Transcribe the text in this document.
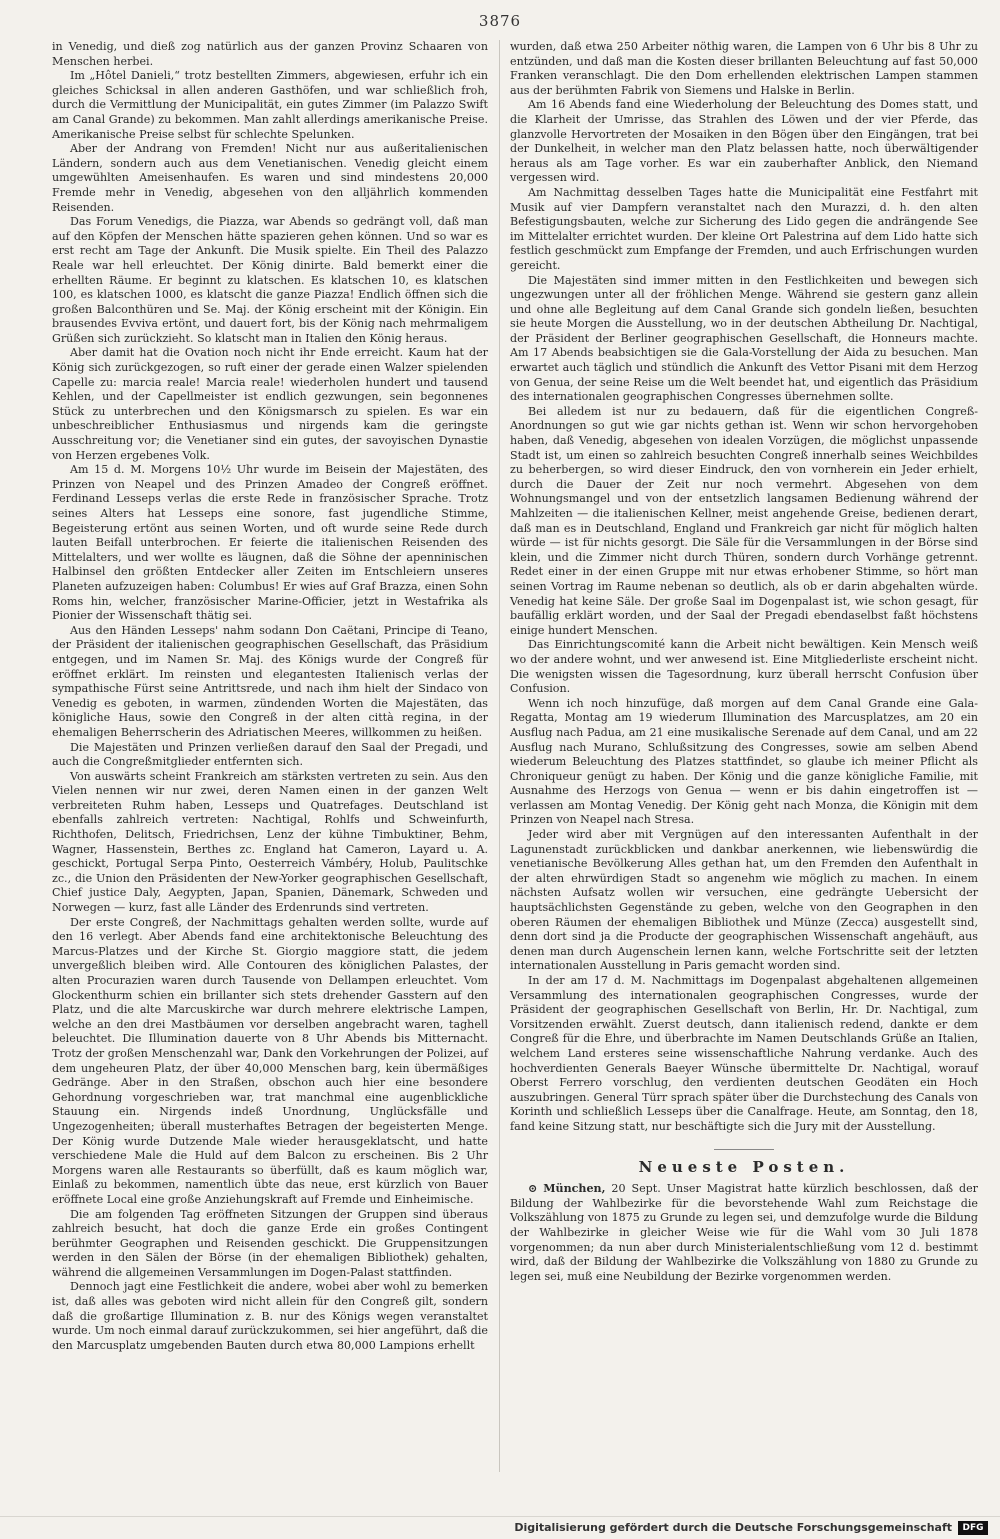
3876

in Venedig, und dieß zog natürlich aus der ganzen Provinz Schaaren von Menschen herbei.

Im „Hôtel Danieli,“ trotz bestellten Zimmers, abgewiesen, erfuhr ich ein gleiches Schicksal in allen anderen Gasthöfen, und war schließlich froh, durch die Vermittlung der Municipalität, ein gutes Zimmer (im Palazzo Swift am Canal Grande) zu bekommen. Man zahlt allerdings amerikanische Preise. Amerikanische Preise selbst für schlechte Spelunken.

Aber der Andrang von Fremden! Nicht nur aus außeritalienischen Ländern, sondern auch aus dem Venetianischen. Venedig gleicht einem umgewühlten Ameisenhaufen. Es waren und sind mindestens 20,000 Fremde mehr in Venedig, abgesehen von den alljährlich kommenden Reisenden.

Das Forum Venedigs, die Piazza, war Abends so gedrängt voll, daß man auf den Köpfen der Menschen hätte spazieren gehen können. Und so war es erst recht am Tage der Ankunft. Die Musik spielte. Ein Theil des Palazzo Reale war hell erleuchtet. Der König dinirte. Bald bemerkt einer die erhellten Räume. Er beginnt zu klatschen. Es klatschen 10, es klatschen 100, es klatschen 1000, es klatscht die ganze Piazza! Endlich öffnen sich die großen Balconthüren und Se. Maj. der König erscheint mit der Königin. Ein brausendes Evviva ertönt, und dauert fort, bis der König nach mehrmaligem Grüßen sich zurückzieht. So klatscht man in Italien den König heraus.

Aber damit hat die Ovation noch nicht ihr Ende erreicht. Kaum hat der König sich zurückgezogen, so ruft einer der gerade einen Walzer spielenden Capelle zu: marcia reale! Marcia reale! wiederholen hundert und tausend Kehlen, und der Capellmeister ist endlich gezwungen, sein begonnenes Stück zu unterbrechen und den Königsmarsch zu spielen. Es war ein unbeschreiblicher Enthusiasmus und nirgends kam die geringste Ausschreitung vor; die Venetianer sind ein gutes, der savoyischen Dynastie von Herzen ergebenes Volk.

Am 15 d. M. Morgens 10½ Uhr wurde im Beisein der Majestäten, des Prinzen von Neapel und des Prinzen Amadeo der Congreß eröffnet. Ferdinand Lesseps verlas die erste Rede in französischer Sprache. Trotz seines Alters hat Lesseps eine sonore, fast jugendliche Stimme, Begeisterung ertönt aus seinen Worten, und oft wurde seine Rede durch lauten Beifall unterbrochen. Er feierte die italienischen Reisenden des Mittelalters, und wer wollte es läugnen, daß die Söhne der apenninischen Halbinsel den größten Entdecker aller Zeiten im Entschleiern unseres Planeten aufzuzeigen haben: Columbus! Er wies auf Graf Brazza, einen Sohn Roms hin, welcher, französischer Marine-Officier, jetzt in Westafrika als Pionier der Wissenschaft thätig sei.

Aus den Händen Lesseps' nahm sodann Don Caëtani, Principe di Teano, der Präsident der italienischen geographischen Gesellschaft, das Präsidium entgegen, und im Namen Sr. Maj. des Königs wurde der Congreß für eröffnet erklärt. Im reinsten und elegantesten Italienisch verlas der sympathische Fürst seine Antrittsrede, und nach ihm hielt der Sindaco von Venedig es geboten, in warmen, zündenden Worten die Majestäten, das königliche Haus, sowie den Congreß in der alten città regina, in der ehemaligen Beherrscherin des Adriatischen Meeres, willkommen zu heißen.

Die Majestäten und Prinzen verließen darauf den Saal der Pregadi, und auch die Congreßmitglieder entfernten sich.

Von auswärts scheint Frankreich am stärksten vertreten zu sein. Aus den Vielen nennen wir nur zwei, deren Namen einen in der ganzen Welt verbreiteten Ruhm haben, Lesseps und Quatrefages. Deutschland ist ebenfalls zahlreich vertreten: Nachtigal, Rohlfs und Schweinfurth, Richthofen, Delitsch, Friedrichsen, Lenz der kühne Timbuktiner, Behm, Wagner, Hassenstein, Berthes zc. England hat Cameron, Layard u. A. geschickt, Portugal Serpa Pinto, Oesterreich Vámbéry, Holub, Paulitschke zc., die Union den Präsidenten der New-Yorker geographischen Gesellschaft, Chief justice Daly, Aegypten, Japan, Spanien, Dänemark, Schweden und Norwegen — kurz, fast alle Länder des Erdenrunds sind vertreten.

Der erste Congreß, der Nachmittags gehalten werden sollte, wurde auf den 16 verlegt. Aber Abends fand eine architektonische Beleuchtung des Marcus-Platzes und der Kirche St. Giorgio maggiore statt, die jedem unvergeßlich bleiben wird. Alle Contouren des königlichen Palastes, der alten Procurazien waren durch Tausende von Dellampen erleuchtet. Vom Glockenthurm schien ein brillanter sich stets drehender Gasstern auf den Platz, und die alte Marcuskirche war durch mehrere elektrische Lampen, welche an den drei Mastbäumen vor derselben angebracht waren, taghell beleuchtet. Die Illumination dauerte von 8 Uhr Abends bis Mitternacht. Trotz der großen Menschenzahl war, Dank den Vorkehrungen der Polizei, auf dem ungeheuren Platz, der über 40,000 Menschen barg, kein übermäßiges Gedränge. Aber in den Straßen, obschon auch hier eine besondere Gehordnung vorgeschrieben war, trat manchmal eine augenblickliche Stauung ein. Nirgends indeß Unordnung, Unglücksfälle und Ungezogenheiten; überall musterhaftes Betragen der begeisterten Menge. Der König wurde Dutzende Male wieder herausgeklatscht, und hatte verschiedene Male die Huld auf dem Balcon zu erscheinen. Bis 2 Uhr Morgens waren alle Restaurants so überfüllt, daß es kaum möglich war, Einlaß zu bekommen, namentlich übte das neue, erst kürzlich von Bauer eröffnete Local eine große Anziehungskraft auf Fremde und Einheimische.

Die am folgenden Tag eröffneten Sitzungen der Gruppen sind überaus zahlreich besucht, hat doch die ganze Erde ein großes Contingent berühmter Geographen und Reisenden geschickt. Die Gruppensitzungen werden in den Sälen der Börse (in der ehemaligen Bibliothek) gehalten, während die allgemeinen Versammlungen im Dogen-Palast stattfinden.

Dennoch jagt eine Festlichkeit die andere, wobei aber wohl zu bemerken ist, daß alles was geboten wird nicht allein für den Congreß gilt, sondern daß die großartige Illumination z. B. nur des Königs wegen veranstaltet wurde. Um noch einmal darauf zurückzukommen, sei hier angeführt, daß die den Marcusplatz umgebenden Bauten durch etwa 80,000 Lampions erhellt

wurden, daß etwa 250 Arbeiter nöthig waren, die Lampen von 6 Uhr bis 8 Uhr zu entzünden, und daß man die Kosten dieser brillanten Beleuchtung auf fast 50,000 Franken veranschlagt. Die den Dom erhellenden elektrischen Lampen stammen aus der berühmten Fabrik von Siemens und Halske in Berlin.

Am 16 Abends fand eine Wiederholung der Beleuchtung des Domes statt, und die Klarheit der Umrisse, das Strahlen des Löwen und der vier Pferde, das glanzvolle Hervortreten der Mosaiken in den Bögen über den Eingängen, trat bei der Dunkelheit, in welcher man den Platz belassen hatte, noch überwältigender heraus als am Tage vorher. Es war ein zauberhafter Anblick, den Niemand vergessen wird.

Am Nachmittag desselben Tages hatte die Municipalität eine Festfahrt mit Musik auf vier Dampfern veranstaltet nach den Murazzi, d. h. den alten Befestigungsbauten, welche zur Sicherung des Lido gegen die andrängende See im Mittelalter errichtet wurden. Der kleine Ort Palestrina auf dem Lido hatte sich festlich geschmückt zum Empfange der Fremden, und auch Erfrischungen wurden gereicht.

Die Majestäten sind immer mitten in den Festlichkeiten und bewegen sich ungezwungen unter all der fröhlichen Menge. Während sie gestern ganz allein und ohne alle Begleitung auf dem Canal Grande sich gondeln ließen, besuchten sie heute Morgen die Ausstellung, wo in der deutschen Abtheilung Dr. Nachtigal, der Präsident der Berliner geographischen Gesellschaft, die Honneurs machte. Am 17 Abends beabsichtigen sie die Gala-Vorstellung der Aida zu besuchen. Man erwartet auch täglich und stündlich die Ankunft des Vettor Pisani mit dem Herzog von Genua, der seine Reise um die Welt beendet hat, und eigentlich das Präsidium des internationalen geographischen Congresses übernehmen sollte.

Bei alledem ist nur zu bedauern, daß für die eigentlichen Congreß-Anordnungen so gut wie gar nichts gethan ist. Wenn wir schon hervorgehoben haben, daß Venedig, abgesehen von idealen Vorzügen, die möglichst unpassende Stadt ist, um einen so zahlreich besuchten Congreß innerhalb seines Weichbildes zu beherbergen, so wird dieser Eindruck, den von vornherein ein Jeder erhielt, durch die Dauer der Zeit nur noch vermehrt. Abgesehen von dem Wohnungsmangel und von der entsetzlich langsamen Bedienung während der Mahlzeiten — die italienischen Kellner, meist angehende Greise, bedienen derart, daß man es in Deutschland, England und Frankreich gar nicht für möglich halten würde — ist für nichts gesorgt. Die Säle für die Versammlungen in der Börse sind klein, und die Zimmer nicht durch Thüren, sondern durch Vorhänge getrennt. Redet einer in der einen Gruppe mit nur etwas erhobener Stimme, so hört man seinen Vortrag im Raume nebenan so deutlich, als ob er darin abgehalten würde. Venedig hat keine Säle. Der große Saal im Dogenpalast ist, wie schon gesagt, für baufällig erklärt worden, und der Saal der Pregadi ebendaselbst faßt höchstens einige hundert Menschen.

Das Einrichtungscomité kann die Arbeit nicht bewältigen. Kein Mensch weiß wo der andere wohnt, und wer anwesend ist. Eine Mitgliederliste erscheint nicht. Die wenigsten wissen die Tagesordnung, kurz überall herrscht Confusion über Confusion.

Wenn ich noch hinzufüge, daß morgen auf dem Canal Grande eine Gala-Regatta, Montag am 19 wiederum Illumination des Marcusplatzes, am 20 ein Ausflug nach Padua, am 21 eine musikalische Serenade auf dem Canal, und am 22 Ausflug nach Murano, Schlußsitzung des Congresses, sowie am selben Abend wiederum Beleuchtung des Platzes stattfindet, so glaube ich meiner Pflicht als Chroniqueur genügt zu haben. Der König und die ganze königliche Familie, mit Ausnahme des Herzogs von Genua — wenn er bis dahin eingetroffen ist — verlassen am Montag Venedig. Der König geht nach Monza, die Königin mit dem Prinzen von Neapel nach Stresa.

Jeder wird aber mit Vergnügen auf den interessanten Aufenthalt in der Lagunenstadt zurückblicken und dankbar anerkennen, wie liebenswürdig die venetianische Bevölkerung Alles gethan hat, um den Fremden den Aufenthalt in der alten ehrwürdigen Stadt so angenehm wie möglich zu machen. In einem nächsten Aufsatz wollen wir versuchen, eine gedrängte Uebersicht der hauptsächlichsten Gegenstände zu geben, welche von den Geographen in den oberen Räumen der ehemaligen Bibliothek und Münze (Zecca) ausgestellt sind, denn dort sind ja die Producte der geographischen Wissenschaft angehäuft, aus denen man durch Augenschein lernen kann, welche Fortschritte seit der letzten internationalen Ausstellung in Paris gemacht worden sind.

In der am 17 d. M. Nachmittags im Dogenpalast abgehaltenen allgemeinen Versammlung des internationalen geographischen Congresses, wurde der Präsident der geographischen Gesellschaft von Berlin, Hr. Dr. Nachtigal, zum Vorsitzenden erwählt. Zuerst deutsch, dann italienisch redend, dankte er dem Congreß für die Ehre, und überbrachte im Namen Deutschlands Grüße an Italien, welchem Land ersteres seine wissenschaftliche Nahrung verdanke. Auch des hochverdienten Generals Baeyer Wünsche übermittelte Dr. Nachtigal, worauf Oberst Ferrero vorschlug, den verdienten deutschen Geodäten ein Hoch auszubringen. General Türr sprach später über die Durchstechung des Canals von Korinth und schließlich Lesseps über die Canalfrage. Heute, am Sonntag, den 18, fand keine Sitzung statt, nur beschäftigte sich die Jury mit der Ausstellung.

Neueste Posten.

⊙ München, 20 Sept. Unser Magistrat hatte kürzlich beschlossen, daß der Bildung der Wahlbezirke für die bevorstehende Wahl zum Reichstage die Volkszählung von 1875 zu Grunde zu legen sei, und demzufolge wurde die Bildung der Wahlbezirke in gleicher Weise wie für die Wahl vom 30 Juli 1878 vorgenommen; da nun aber durch Ministerialentschließung vom 12 d. bestimmt wird, daß der Bildung der Wahlbezirke die Volkszählung von 1880 zu Grunde zu legen sei, muß eine Neubildung der Bezirke vorgenommen werden.

Digitalisierung gefördert durch die Deutsche Forschungsgemeinschaft	DFG
